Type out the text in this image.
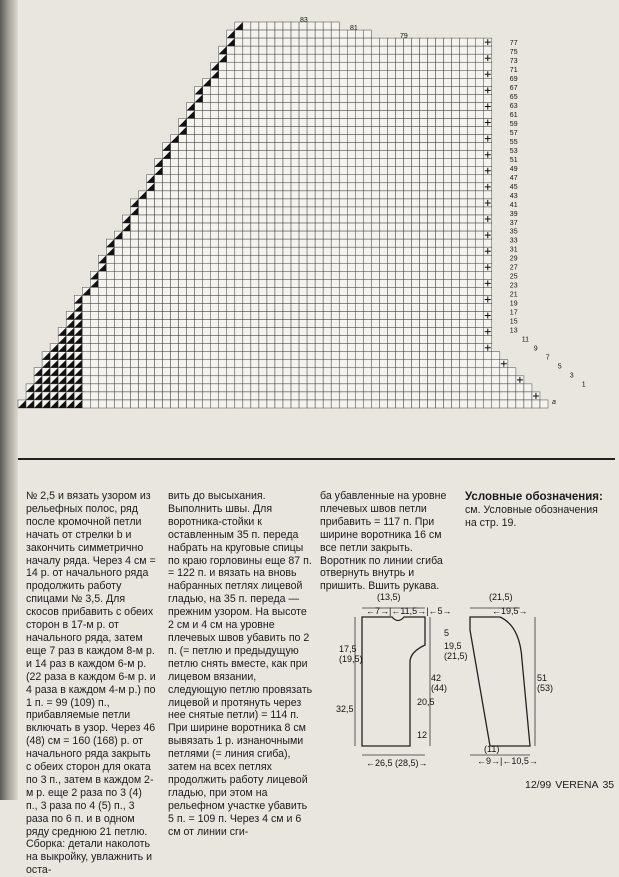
77
75
73
71
69
67
65
63
61
59
57
55
53
51
49
47
45
43
41
39
37
35
33
31
29
27
25
23
21
19
17
15
13
11
9
7
5
3
1
83
81
79
a

№ 2,5 и вязать узором из рельефных полос, ряд после кромочной петли начать от стрелки b и закончить симметрично началу ряда. Через 4 см = 14 р. от начального ряда продолжить работу спицами № 3,5. Для скосов прибавить с обеих сторон в 17-м р. от начального ряда, затем еще 7 раз в каждом 8-м р. и 14 раз в каждом 6-м р. (22 раза в каждом 6-м р. и 4 раза в каждом 4-м р.) по 1 п. = 99 (109) п., прибавляемые петли включать в узор. Через 46 (48) см = 160 (168) р. от начального ряда закрыть с обеих сторон для оката по 3 п., затем в каждом 2-м р. еще 2 раза по 3 (4) п., 3 раза по 4 (5) п., 3 раза по 6 п. и в одном ряду среднюю 21 петлю. Сборка: детали наколоть на выкройку, увлажнить и оста-

вить до высыхания. Выполнить швы. Для воротника-стойки к оставленным 35 п. переда набрать на круговые спицы по краю горловины еще 87 п. = 122 п. и вязать на вновь набранных петлях лицевой гладью, на 35 п. переда — прежним узором. На высоте 2 см и 4 см на уровне плечевых швов убавить по 2 п. (= петлю и предыдущую петлю снять вместе, как при лицевом вязании, следующую петлю провязать лицевой и протянуть через нее снятые петли) = 114 п. При ширине воротника 8 см вывязать 1 р. изнаночными петлями (= линия сгиба), затем на всех петлях продолжить работу лицевой гладью, при этом на рельефном участке убавить 5 п. = 109 п. Через 4 см и 6 см от линии сги-

ба убавленные на уровне плечевых швов петли прибавить = 117 п. При ширине воротника 16 см все петли закрыть. Воротник по линии сгиба отвернуть внутрь и пришить. Вшить рукава.

Условные обозначения:

см. Условные обозначения на стр. 19.

(13,5)
←7→|←11,5→|←5→
(21,5)
←19,5→
17,5
(19,5)
32,5
5
19,5
(21,5)
42
(44)
20,5
12
51
(53)
←26,5 (28,5)→
(11)
←9→|←10,5→
12/99 VERENA 35
